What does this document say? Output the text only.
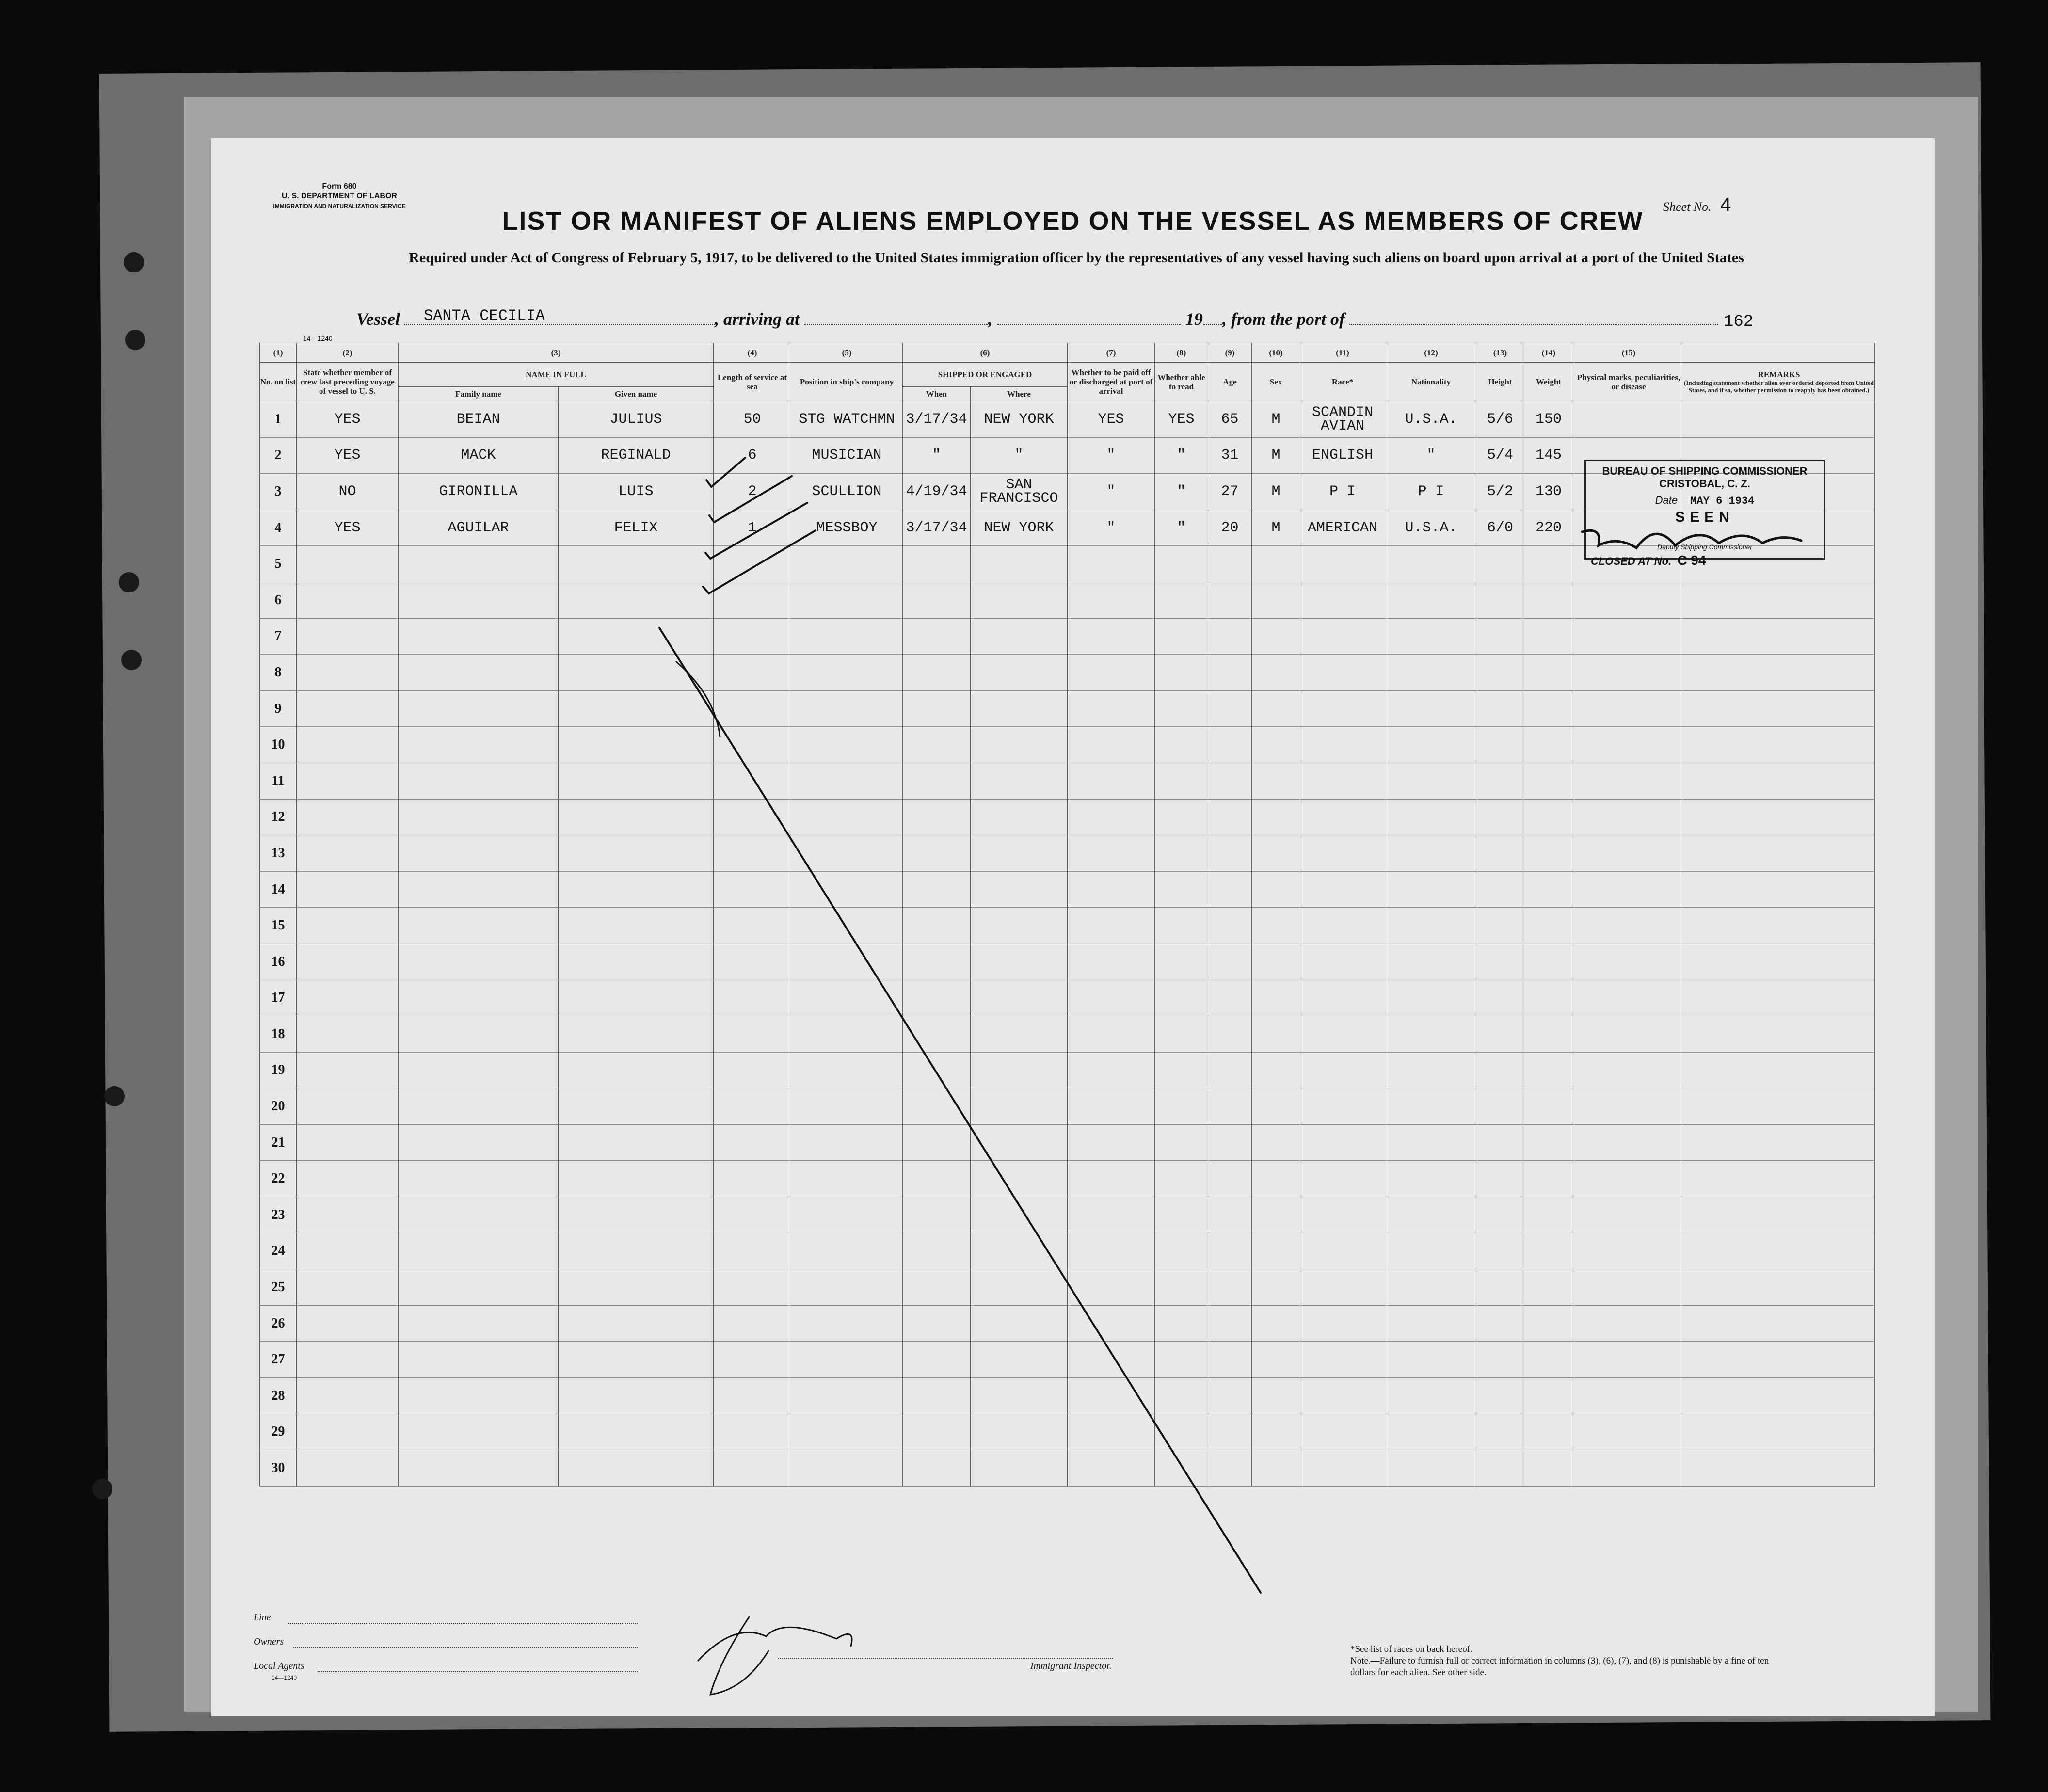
Form 680
U. S. DEPARTMENT OF LABOR
IMMIGRATION AND NATURALIZATION SERVICE	Sheet No. 4
LIST OR MANIFEST OF ALIENS EMPLOYED ON THE VESSEL AS MEMBERS OF CREW
Required under Act of Congress of February 5, 1917, to be delivered to the United States immigration officer by the representatives of any vessel having such aliens on board upon arrival at a port of the United States
Vessel SANTA CECILIA	, arriving at	,	19 , from the port of	162
14—1240
(1)	(2)	(3)		(4)	(5)	(6)		(7)	(8)	(9)	(10)	(11)	(12)	(13)	(14)	(15)	
No. on list	State whether member of crew last preceding voyage of vessel to U. S.	NAME IN FULL		Length of service at sea	Position in ship's company	SHIPPED OR ENGAGED		Whether to be paid off or discharged at port of arrival	Whether able to read	Age	Sex	Race*	Nationality	Height	Weight	Physical marks, peculiarities, or disease	REMARKS
(Including statement whether alien ever ordered deported from United States, and if so, whether permission to reapply has been obtained.)

		Family name	Given name			When	Where										
1	YES	BEIAN	JULIUS	50	STG WATCHMN	3/17/34	NEW YORK	YES	YES	65	M	SCANDIN AVIAN	U.S.A.	5/6	150		
2	YES	MACK	REGINALD	6	MUSICIAN	"	"	"	"	31	M	ENGLISH	"	5/4	145		
3	NO	GIRONILLA	LUIS	2	SCULLION	4/19/34	SAN FRANCISCO	"	"	27	M	P I	P I	5/2	130		
4	YES	AGUILAR	FELIX	1	MESSBOY	3/17/34	NEW YORK	"	"	20	M	AMERICAN	U.S.A.	6/0	220		
5																	
6																	
7																	
8																	
9																	
10																	
11																	
12																	
13																	
14																	
15																	
16																	
17																	
18																	
19																	
20																	
21																	
22																	
23																	
24																	
25																	
26																	
27																	
28																	
29																	
30																	
BUREAU OF SHIPPING COMMISSIONER
CRISTOBAL, C. Z.
Date MAY 6 1934
SEEN
Deputy Shipping Commissioner
CLOSED AT No. C 94
Line
Owners
Local Agents
14—1240
Immigrant Inspector.
*See list of races on back hereof.
Note.—Failure to furnish full or correct information in columns (3), (6), (7), and (8) is punishable by a fine of ten dollars for each alien. See other side.
